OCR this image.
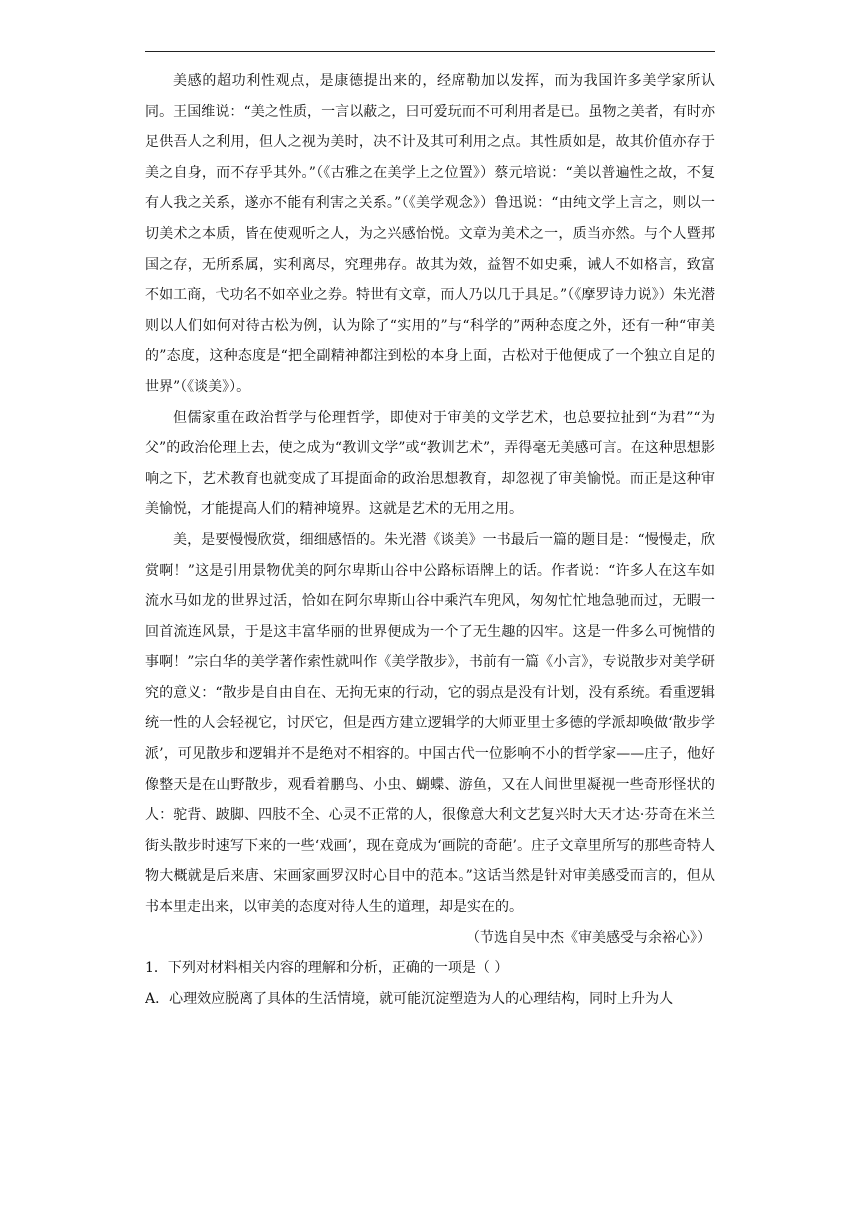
美感的超功利性观点，是康德提出来的，经席勒加以发挥，而为我国许多美学家所认同。王国维说：“美之性质，一言以蔽之，曰可爱玩而不可利用者是已。虽物之美者，有时亦足供吾人之利用，但人之视为美时，决不计及其可利用之点。其性质如是，故其价值亦存于美之自身，而不存乎其外。”（《古雅之在美学上之位置》）蔡元培说：“美以普遍性之故，不复有人我之关系，遂亦不能有利害之关系。”（《美学观念》）鲁迅说：“由纯文学上言之，则以一切美术之本质，皆在使观听之人，为之兴感怡悦。文章为美术之一，质当亦然。与个人暨邦国之存，无所系属，实利离尽，究理弗存。故其为效，益智不如史乘，诫人不如格言，致富不如工商，弋功名不如卒业之券。特世有文章，而人乃以几于具足。”（《摩罗诗力说》）朱光潜则以人们如何对待古松为例，认为除了“实用的”与“科学的”两种态度之外，还有一种“审美的”态度，这种态度是“把全副精神都注到松的本身上面，古松对于他便成了一个独立自足的世界”（《谈美》）。

但儒家重在政治哲学与伦理哲学，即使对于审美的文学艺术，也总要拉扯到“为君”“为父”的政治伦理上去，使之成为“教训文学”或“教训艺术”，弄得毫无美感可言。在这种思想影响之下，艺术教育也就变成了耳提面命的政治思想教育，却忽视了审美愉悦。而正是这种审美愉悦，才能提高人们的精神境界。这就是艺术的无用之用。

美，是要慢慢欣赏，细细感悟的。朱光潜《谈美》一书最后一篇的题目是：“慢慢走，欣赏啊！”这是引用景物优美的阿尔卑斯山谷中公路标语牌上的话。作者说：“许多人在这车如流水马如龙的世界过活，恰如在阿尔卑斯山谷中乘汽车兜风，匆匆忙忙地急驰而过，无暇一回首流连风景，于是这丰富华丽的世界便成为一个了无生趣的囚牢。这是一件多么可惋惜的事啊！”宗白华的美学著作索性就叫作《美学散步》，书前有一篇《小言》，专说散步对美学研究的意义：“散步是自由自在、无拘无束的行动，它的弱点是没有计划，没有系统。看重逻辑统一性的人会轻视它，讨厌它，但是西方建立逻辑学的大师亚里士多德的学派却唤做‘散步学派’，可见散步和逻辑并不是绝对不相容的。中国古代一位影响不小的哲学家——庄子，他好像整天是在山野散步，观看着鹏鸟、小虫、蝴蝶、游鱼，又在人间世里凝视一些奇形怪状的人：驼背、跛脚、四肢不全、心灵不正常的人，很像意大利文艺复兴时大天才达·芬奇在米兰街头散步时速写下来的一些‘戏画’，现在竟成为‘画院的奇葩’。庄子文章里所写的那些奇特人物大概就是后来唐、宋画家画罗汉时心目中的范本。”这话当然是针对审美感受而言的，但从书本里走出来，以审美的态度对待人生的道理，却是实在的。

（节选自吴中杰《审美感受与余裕心》）

1．下列对材料相关内容的理解和分析，正确 · ·的一项是（ ）

A．心理效应脱离了具体的生活情境，就可能沉淀塑造为人的心理结构，同时上升为人
